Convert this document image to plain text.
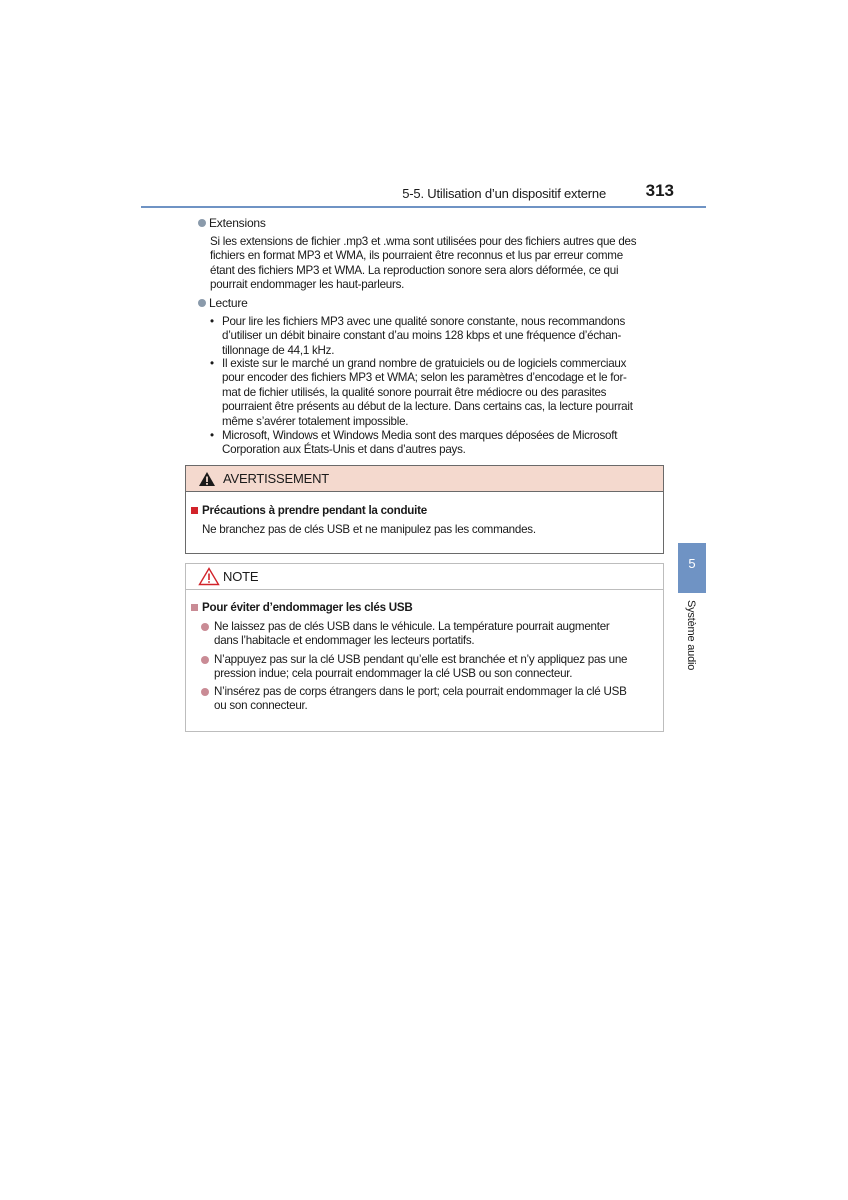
5-5. Utilisation d’un dispositif externe	313
Extensions
Si les extensions de fichier .mp3 et .wma sont utilisées pour des fichiers autres que des
fichiers en format MP3 et WMA, ils pourraient être reconnus et lus par erreur comme
étant des fichiers MP3 et WMA. La reproduction sonore sera alors déformée, ce qui
pourrait endommager les haut-parleurs.
Lecture
• Pour lire les fichiers MP3 avec une qualité sonore constante, nous recommandons
d’utiliser un débit binaire constant d’au moins 128 kbps et une fréquence d’échan-
tillonnage de 44,1 kHz.
• Il existe sur le marché un grand nombre de gratuiciels ou de logiciels commerciaux
pour encoder des fichiers MP3 et WMA; selon les paramètres d’encodage et le for-
mat de fichier utilisés, la qualité sonore pourrait être médiocre ou des parasites
pourraient être présents au début de la lecture. Dans certains cas, la lecture pourrait
même s’avérer totalement impossible.
• Microsoft, Windows et Windows Media sont des marques déposées de Microsoft
Corporation aux États-Unis et dans d’autres pays.
AVERTISSEMENT
Précautions à prendre pendant la conduite
Ne branchez pas de clés USB et ne manipulez pas les commandes.
NOTE
Pour éviter d’endommager les clés USB
Ne laissez pas de clés USB dans le véhicule. La température pourrait augmenter
dans l’habitacle et endommager les lecteurs portatifs.
N’appuyez pas sur la clé USB pendant qu’elle est branchée et n’y appliquez pas une
pression indue; cela pourrait endommager la clé USB ou son connecteur.
N’insérez pas de corps étrangers dans le port; cela pourrait endommager la clé USB
ou son connecteur.
5
Système audio
